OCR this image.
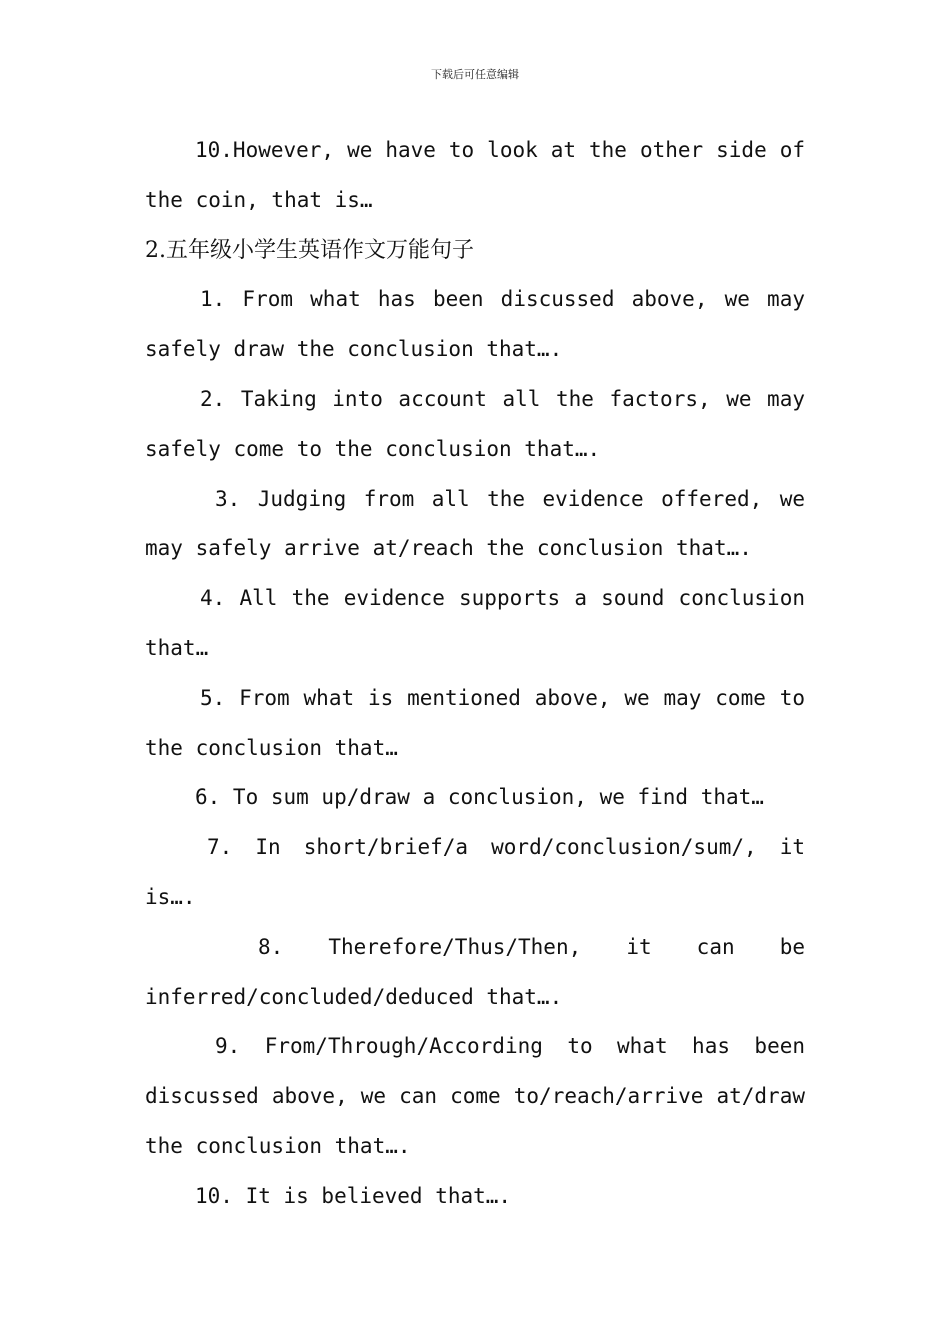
下载后可任意编辑

10.However, we have to look at the other side of the coin, that is…

2.五年级小学生英语作文万能句子

1. From what has been discussed above, we may safely draw the conclusion that….

2. Taking into account all the factors, we may safely come to the conclusion that….

3. Judging from all the evidence offered, we may safely arrive at/reach the conclusion that….

4. All the evidence supports a sound conclusion that…

5. From what is mentioned above, we may come to the conclusion that…

6. To sum up/draw a conclusion, we find that…

7. In short/brief/a word/conclusion/sum/, it is….

8. Therefore/Thus/Then, it can be inferred/concluded/deduced that….

9. From/Through/According to what has been discussed above, we can come to/reach/arrive at/draw the conclusion that….

10. It is believed that….
